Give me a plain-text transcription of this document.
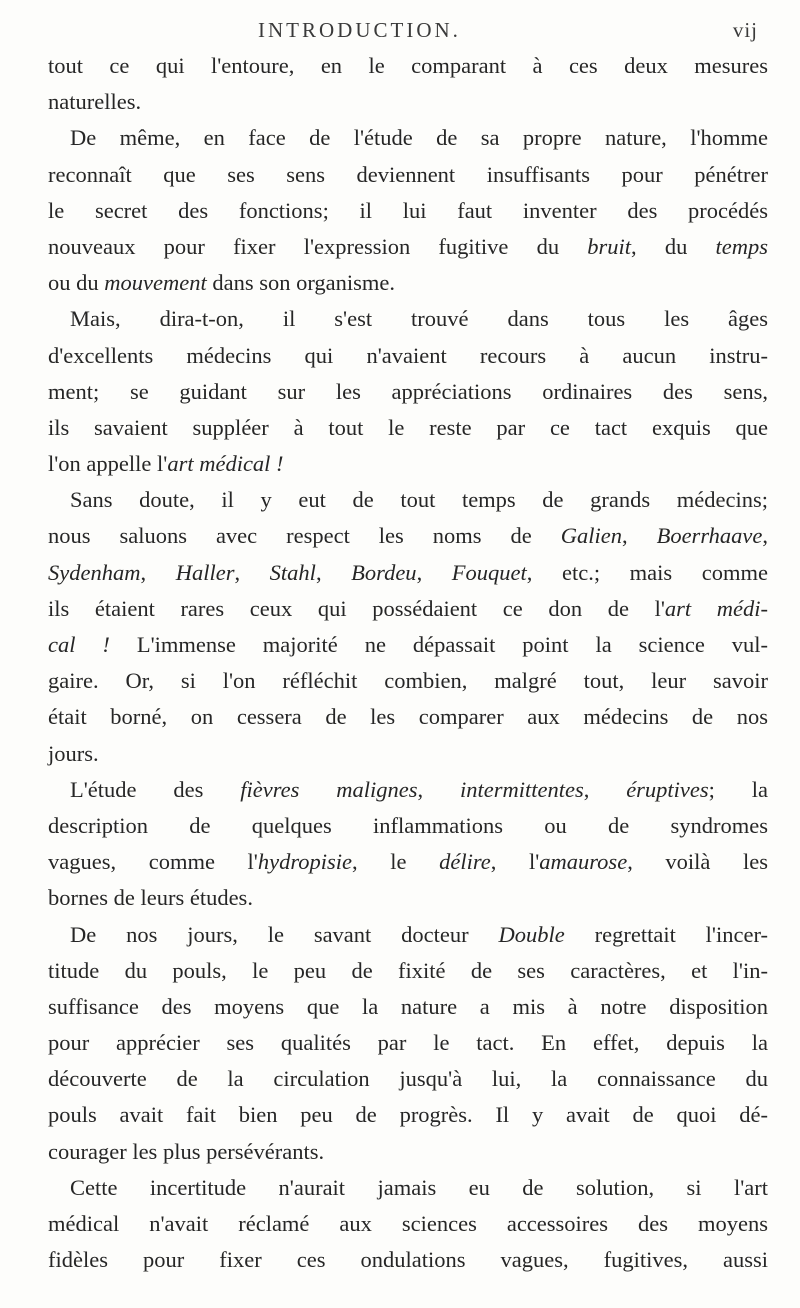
INTRODUCTION.	vij
tout ce qui l'entoure, en le comparant à ces deux mesures
naturelles.
De même, en face de l'étude de sa propre nature, l'homme
reconnaît que ses sens deviennent insuffisants pour pénétrer
le secret des fonctions; il lui faut inventer des procédés
nouveaux pour fixer l'expression fugitive du bruit, du temps
ou du mouvement dans son organisme.
Mais, dira-t-on, il s'est trouvé dans tous les âges
d'excellents médecins qui n'avaient recours à aucun instru-
ment; se guidant sur les appréciations ordinaires des sens,
ils savaient suppléer à tout le reste par ce tact exquis que
l'on appelle l'art médical !
Sans doute, il y eut de tout temps de grands médecins;
nous saluons avec respect les noms de Galien, Boerrhaave,
Sydenham, Haller, Stahl, Bordeu, Fouquet, etc.; mais comme
ils étaient rares ceux qui possédaient ce don de l'art médi-
cal ! L'immense majorité ne dépassait point la science vul-
gaire. Or, si l'on réfléchit combien, malgré tout, leur savoir
était borné, on cessera de les comparer aux médecins de nos
jours.
L'étude des fièvres malignes, intermittentes, éruptives; la
description de quelques inflammations ou de syndromes
vagues, comme l'hydropisie, le délire, l'amaurose, voilà les
bornes de leurs études.
De nos jours, le savant docteur Double regrettait l'incer-
titude du pouls, le peu de fixité de ses caractères, et l'in-
suffisance des moyens que la nature a mis à notre disposition
pour apprécier ses qualités par le tact. En effet, depuis la
découverte de la circulation jusqu'à lui, la connaissance du
pouls avait fait bien peu de progrès. Il y avait de quoi dé-
courager les plus persévérants.
Cette incertitude n'aurait jamais eu de solution, si l'art
médical n'avait réclamé aux sciences accessoires des moyens
fidèles pour fixer ces ondulations vagues, fugitives, aussi
